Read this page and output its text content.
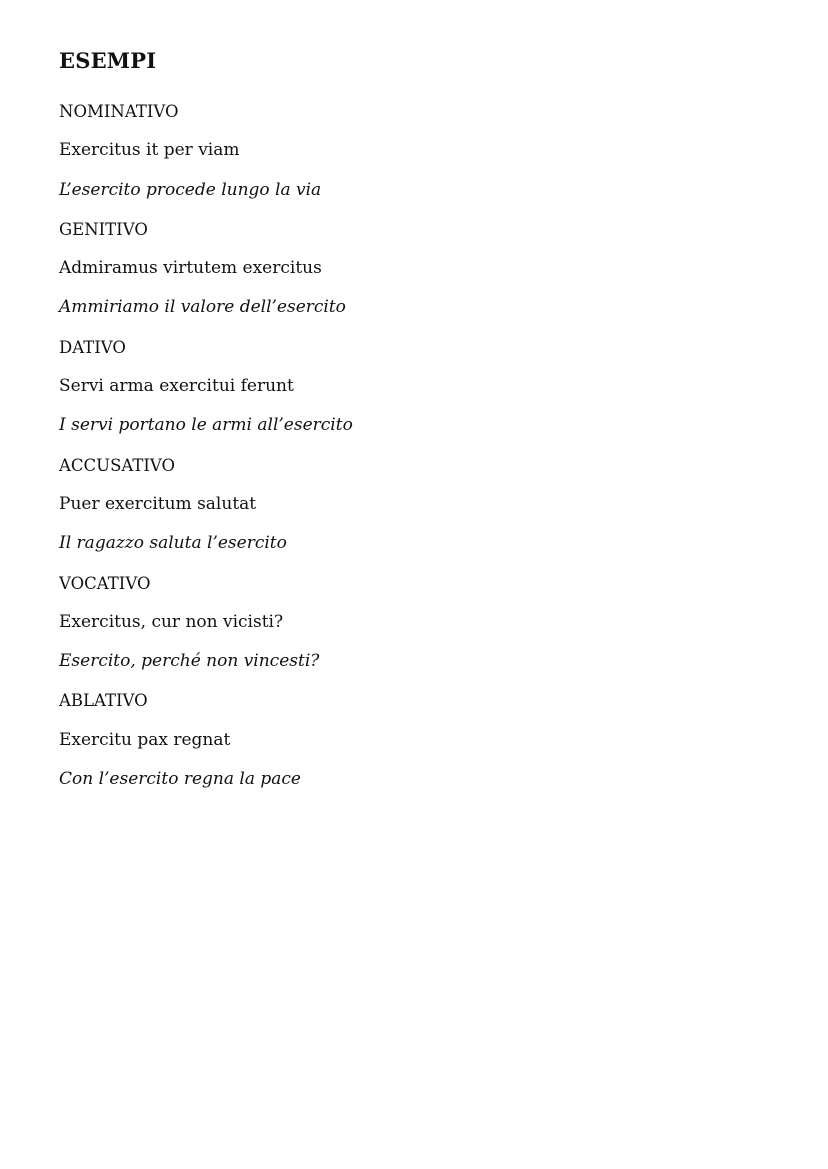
ESEMPI
NOMINATIVO
Exercitus it per viam
L’esercito procede lungo la via
GENITIVO
Admiramus virtutem exercitus
Ammiriamo il valore dell’esercito
DATIVO
Servi arma exercitui ferunt
I servi portano le armi all’esercito
ACCUSATIVO
Puer exercitum salutat
Il ragazzo saluta l’esercito
VOCATIVO
Exercitus, cur non vicisti?
Esercito, perché non vincesti?
ABLATIVO
Exercitu pax regnat
Con l’esercito regna la pace
